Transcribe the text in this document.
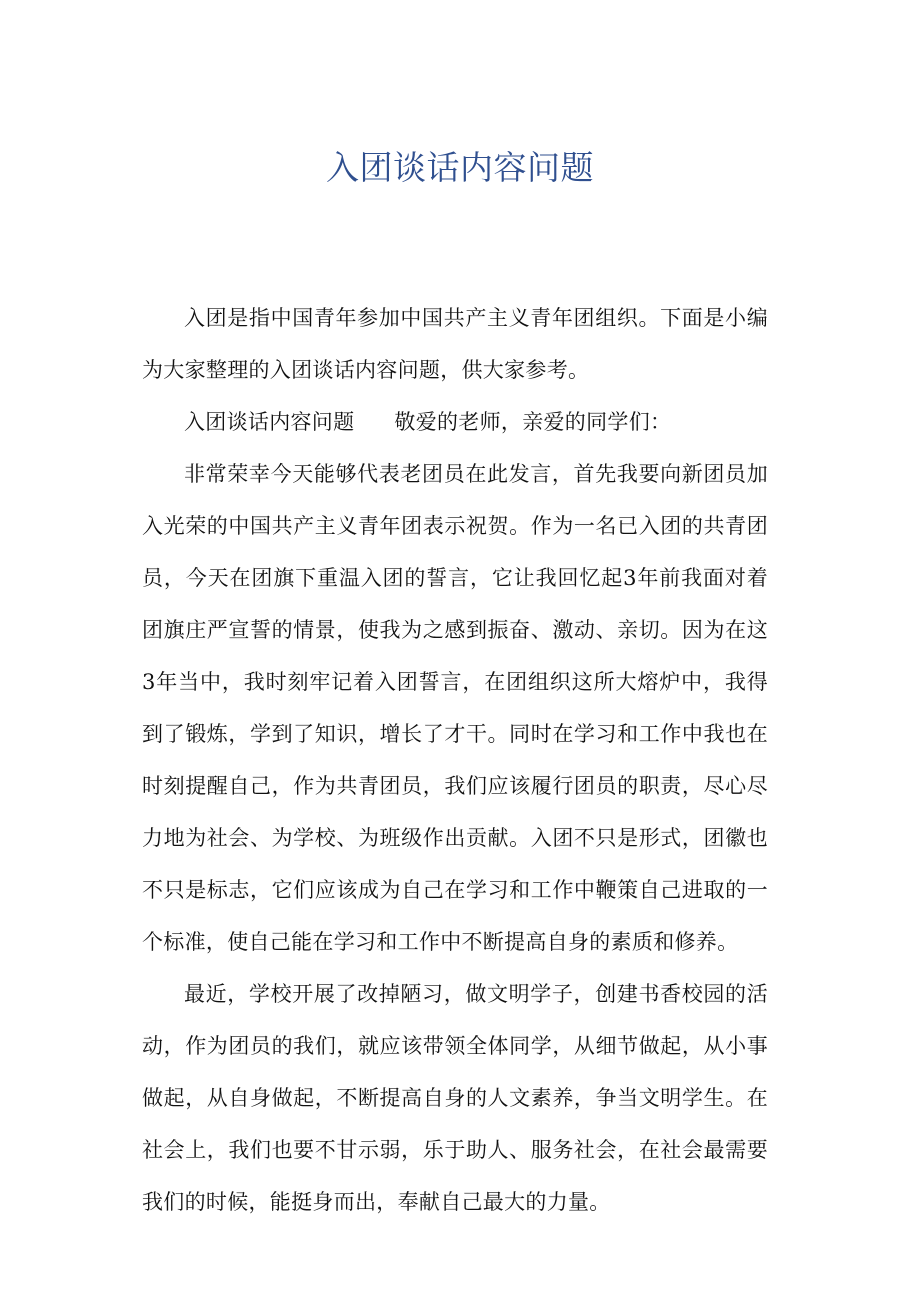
入团谈话内容问题

入团是指中国青年参加中国共产主义青年团组织。下面是小编为大家整理的入团谈话内容问题，供大家参考。

入团谈话内容问题 敬爱的老师，亲爱的同学们：

非常荣幸今天能够代表老团员在此发言，首先我要向新团员加入光荣的中国共产主义青年团表示祝贺。作为一名已入团的共青团员，今天在团旗下重温入团的誓言，它让我回忆起3年前我面对着团旗庄严宣誓的情景，使我为之感到振奋、激动、亲切。因为在这3年当中，我时刻牢记着入团誓言，在团组织这所大熔炉中，我得到了锻炼，学到了知识，增长了才干。同时在学习和工作中我也在时刻提醒自己，作为共青团员，我们应该履行团员的职责，尽心尽力地为社会、为学校、为班级作出贡献。入团不只是形式，团徽也不只是标志，它们应该成为自己在学习和工作中鞭策自己进取的一个标准，使自己能在学习和工作中不断提高自身的素质和修养。

最近，学校开展了改掉陋习，做文明学子，创建书香校园的活动，作为团员的我们，就应该带领全体同学，从细节做起，从小事做起，从自身做起，不断提高自身的人文素养，争当文明学生。在社会上，我们也要不甘示弱，乐于助人、服务社会，在社会最需要我们的时候，能挺身而出，奉献自己最大的力量。
